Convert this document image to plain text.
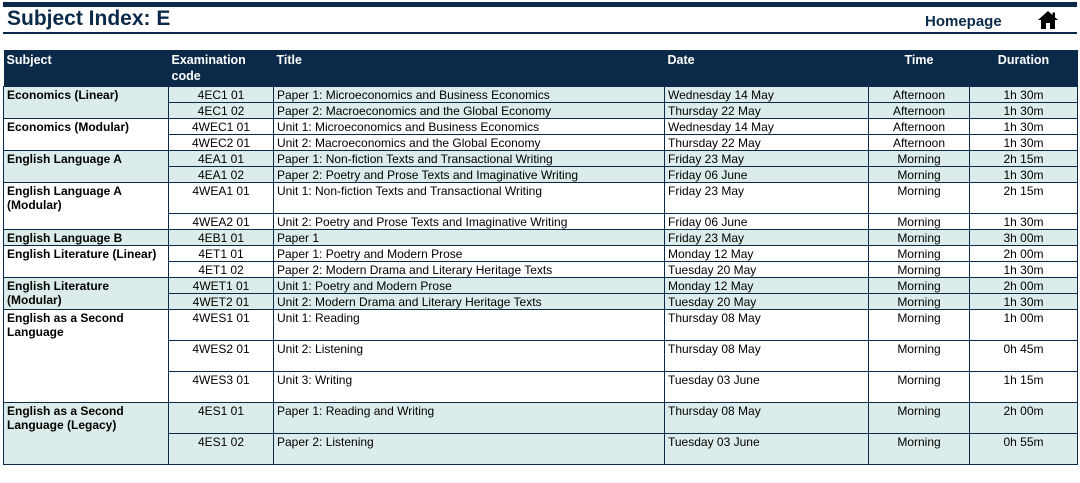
Subject Index: E	Homepage
Subject	Examination code	Title	Date	Time	Duration
Economics (Linear)	4EC1 01	Paper 1: Microeconomics and Business Economics	Wednesday 14 May	Afternoon	1h 30m
	4EC1 02	Paper 2: Macroeconomics and the Global Economy	Thursday 22 May	Afternoon	1h 30m
Economics (Modular)	4WEC1 01	Unit 1: Microeconomics and Business Economics	Wednesday 14 May	Afternoon	1h 30m
	4WEC2 01	Unit 2: Macroeconomics and the Global Economy	Thursday 22 May	Afternoon	1h 30m
English Language A	4EA1 01	Paper 1: Non-fiction Texts and Transactional Writing	Friday 23 May	Morning	2h 15m
	4EA1 02	Paper 2: Poetry and Prose Texts and Imaginative Writing	Friday 06 June	Morning	1h 30m
English Language A (Modular)	4WEA1 01	Unit 1: Non-fiction Texts and Transactional Writing	Friday 23 May	Morning	2h 15m
	4WEA2 01	Unit 2: Poetry and Prose Texts and Imaginative Writing	Friday 06 June	Morning	1h 30m
English Language B	4EB1 01	Paper 1	Friday 23 May	Morning	3h 00m
English Literature (Linear)	4ET1 01	Paper 1: Poetry and Modern Prose	Monday 12 May	Morning	2h 00m
	4ET1 02	Paper 2: Modern Drama and Literary Heritage Texts	Tuesday 20 May	Morning	1h 30m
English Literature (Modular)	4WET1 01	Unit 1: Poetry and Modern Prose	Monday 12 May	Morning	2h 00m
	4WET2 01	Unit 2: Modern Drama and Literary Heritage Texts	Tuesday 20 May	Morning	1h 30m
English as a Second Language	4WES1 01	Unit 1: Reading	Thursday 08 May	Morning	1h 00m
	4WES2 01	Unit 2: Listening	Thursday 08 May	Morning	0h 45m
	4WES3 01	Unit 3: Writing	Tuesday 03 June	Morning	1h 15m
English as a Second Language (Legacy)	4ES1 01	Paper 1: Reading and Writing	Thursday 08 May	Morning	2h 00m
	4ES1 02	Paper 2: Listening	Tuesday 03 June	Morning	0h 55m
